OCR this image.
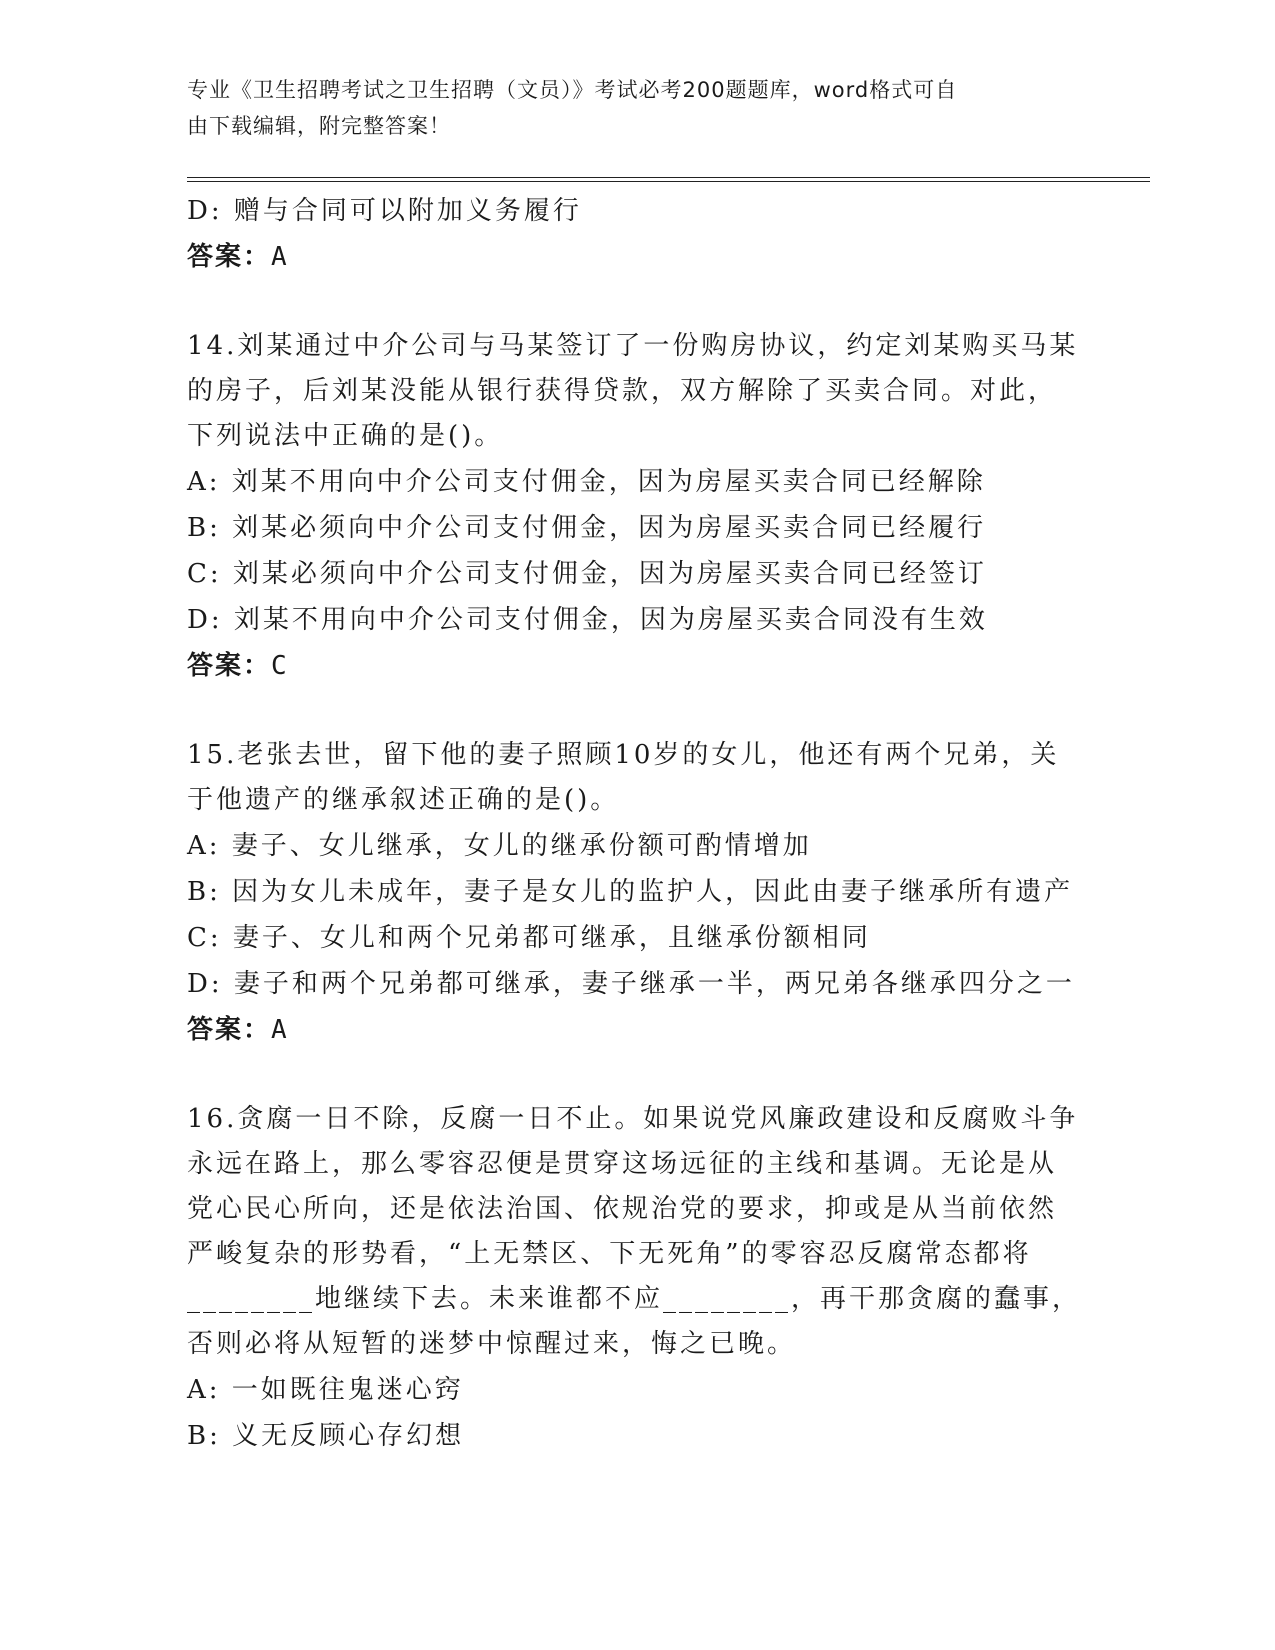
专业《卫生招聘考试之卫生招聘（文员）》考试必考200题题库，word格式可自
由下载编辑，附完整答案！
D: 赠与合同可以附加义务履行
答案：A
14.刘某通过中介公司与马某签订了一份购房协议，约定刘某购买马某
的房子，后刘某没能从银行获得贷款，双方解除了买卖合同。对此，
下列说法中正确的是()。
A: 刘某不用向中介公司支付佣金，因为房屋买卖合同已经解除
B: 刘某必须向中介公司支付佣金，因为房屋买卖合同已经履行
C: 刘某必须向中介公司支付佣金，因为房屋买卖合同已经签订
D: 刘某不用向中介公司支付佣金，因为房屋买卖合同没有生效
答案：C
15.老张去世，留下他的妻子照顾10岁的女儿，他还有两个兄弟，关
于他遗产的继承叙述正确的是()。
A: 妻子、女儿继承，女儿的继承份额可酌情增加
B: 因为女儿未成年，妻子是女儿的监护人，因此由妻子继承所有遗产
C: 妻子、女儿和两个兄弟都可继承，且继承份额相同
D: 妻子和两个兄弟都可继承，妻子继承一半，两兄弟各继承四分之一
答案：A
16.贪腐一日不除，反腐一日不止。如果说党风廉政建设和反腐败斗争
永远在路上，那么零容忍便是贯穿这场远征的主线和基调。无论是从
党心民心所向，还是依法治国、依规治党的要求，抑或是从当前依然
严峻复杂的形势看，“上无禁区、下无死角”的零容忍反腐常态都将
________地继续下去。未来谁都不应________，再干那贪腐的蠢事，
否则必将从短暂的迷梦中惊醒过来，悔之已晚。
A: 一如既往鬼迷心窍
B: 义无反顾心存幻想
